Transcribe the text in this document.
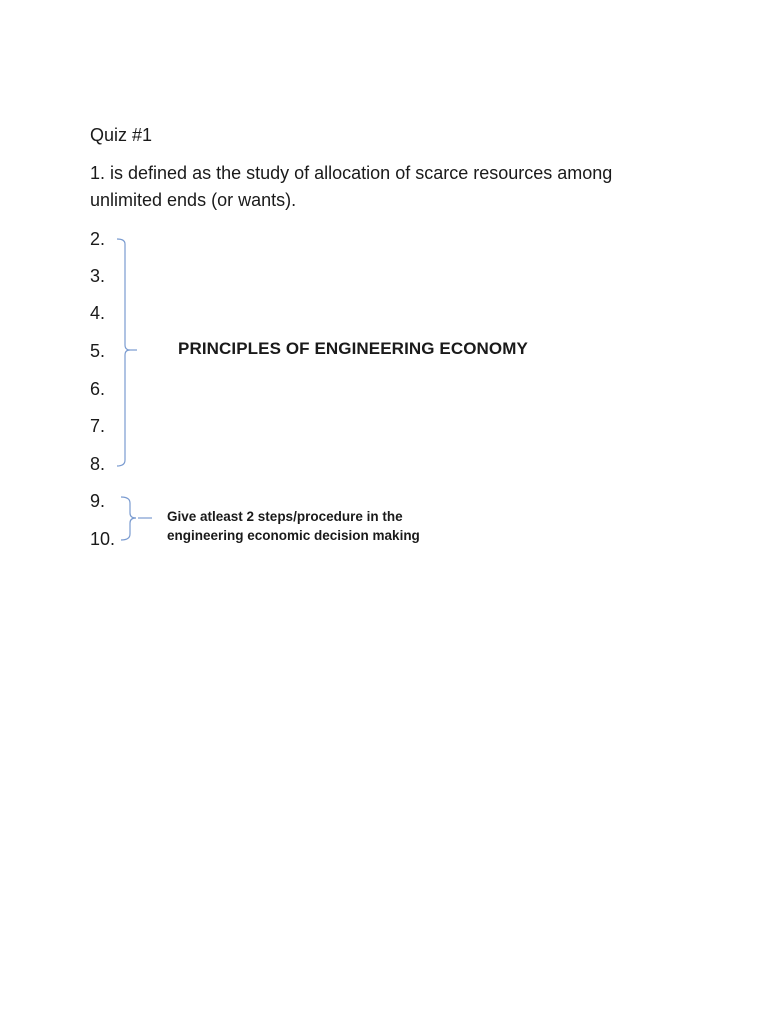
Quiz #1
1. is defined as the study of allocation of scarce resources among unlimited ends (or wants).
2.
3.
4.
5.
6.
7.
8.
9.
10.
PRINCIPLES OF ENGINEERING ECONOMY
Give atleast 2 steps/procedure in the
engineering economic decision making
